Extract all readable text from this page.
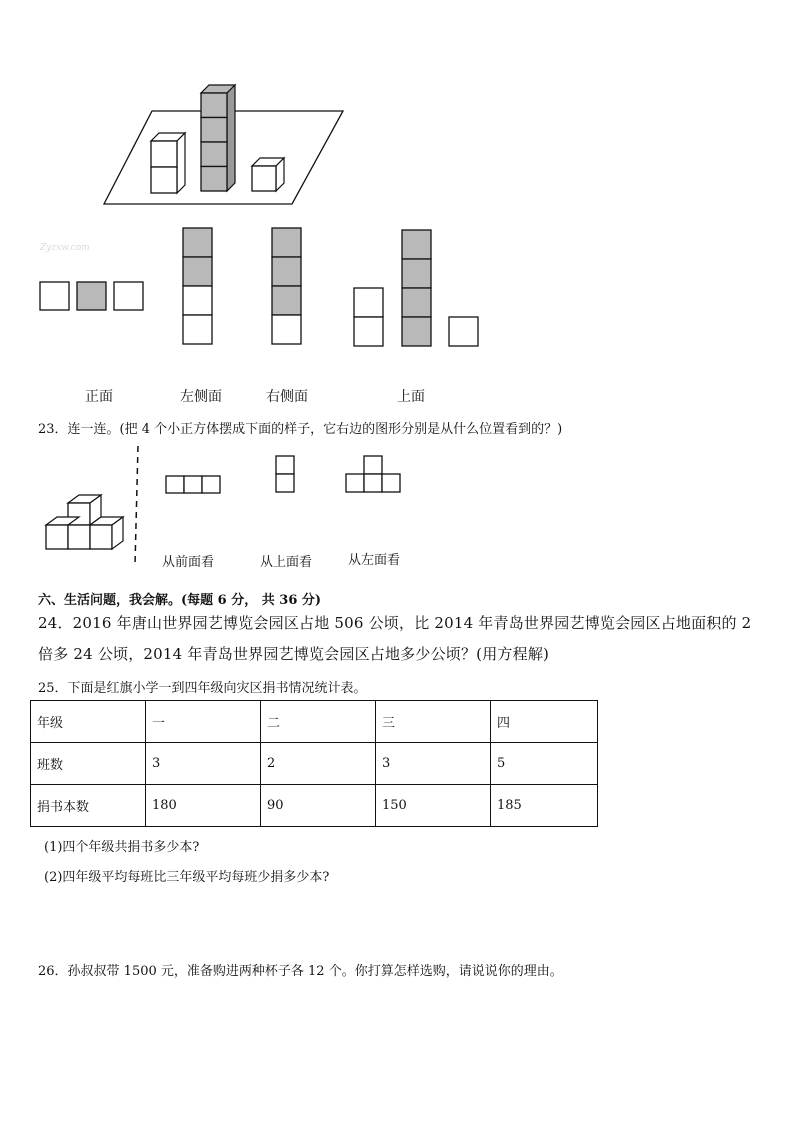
Zyzxw.com
正面	左侧面	右侧面	上面
23．连一连。(把 4 个小正方体摆成下面的样子，它右边的图形分别是从什么位置看到的？)
从前面看	从上面看	从左面看
六、生活问题，我会解。(每题 6 分， 共 36 分)
24．2016 年唐山世界园艺博览会园区占地 506 公顷，比 2014 年青岛世界园艺博览会园区占地面积的 2
倍多 24 公顷，2014 年青岛世界园艺博览会园区占地多少公顷？(用方程解)
25．下面是红旗小学一到四年级向灾区捐书情况统计表。
年级	一	二	三	四
班数	3	2	3	5
捐书本数	180	90	150	185
(1)四个年级共捐书多少本?
(2)四年级平均每班比三年级平均每班少捐多少本?
26．孙叔叔带 1500 元，准备购进两种杯子各 12 个。你打算怎样选购，请说说你的理由。
